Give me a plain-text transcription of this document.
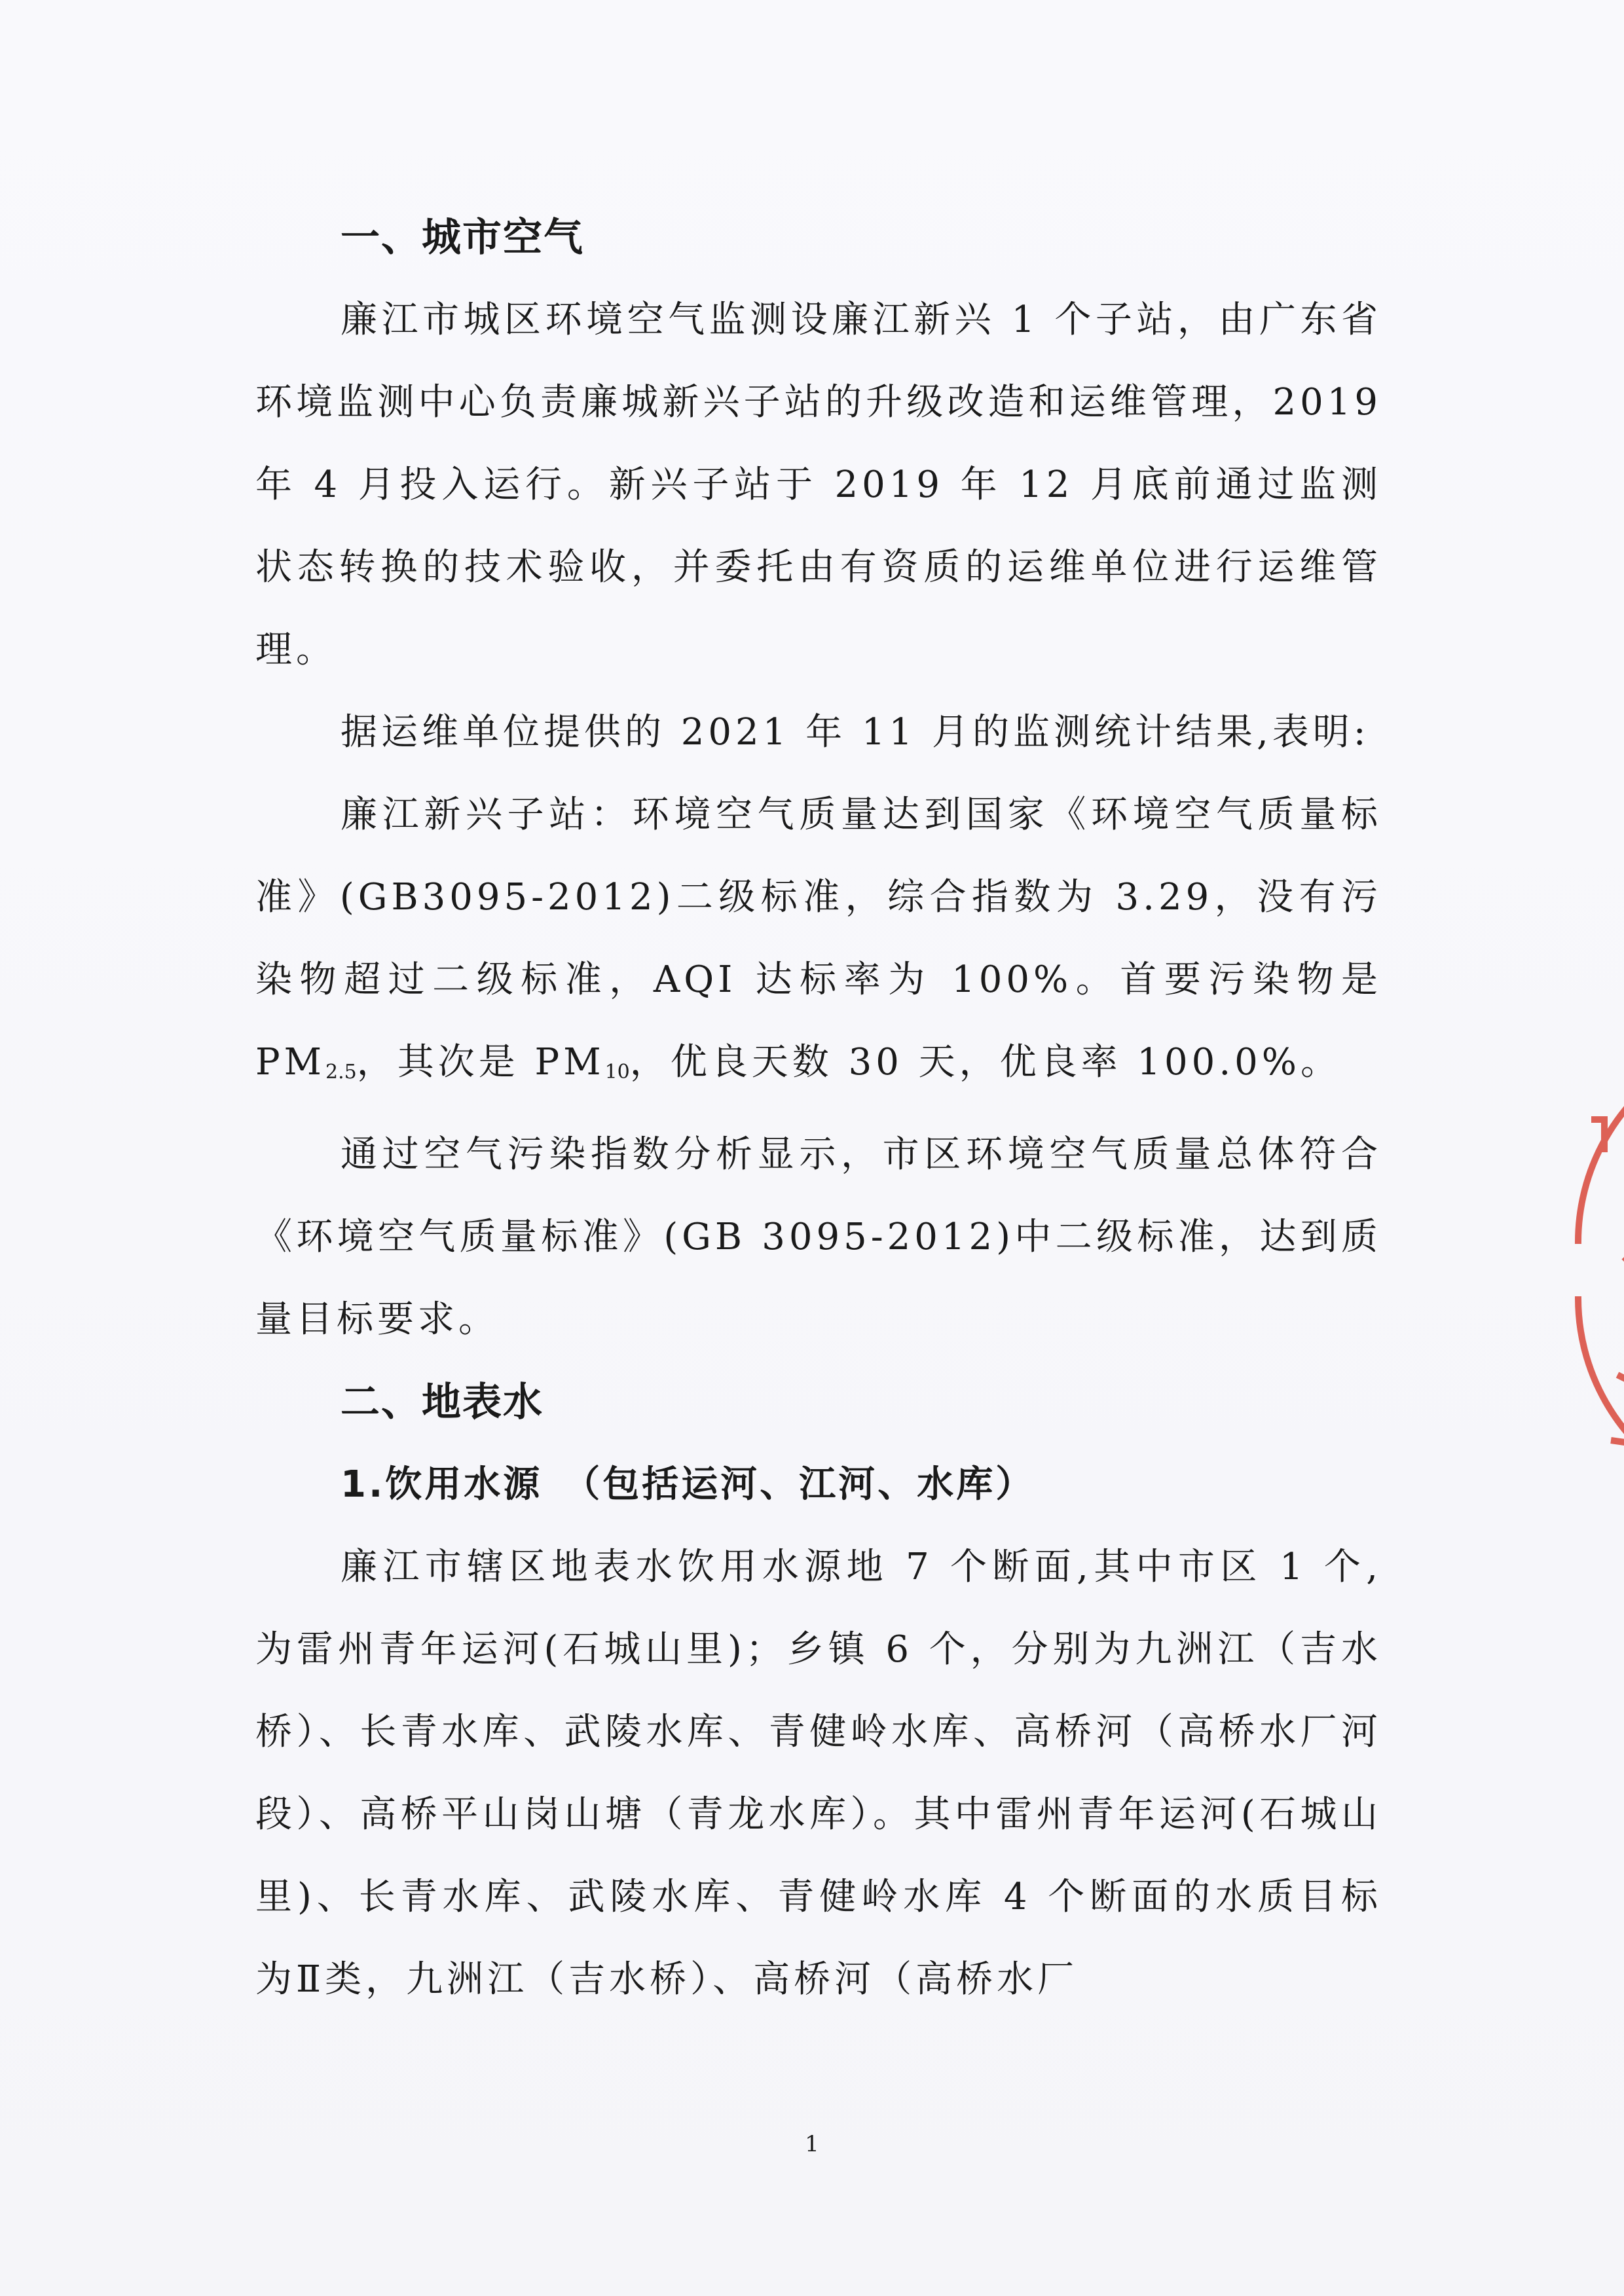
一、城市空气

廉江市城区环境空气监测设廉江新兴 1 个子站，由广东省环境监测中心负责廉城新兴子站的升级改造和运维管理，2019 年 4 月投入运行。新兴子站于 2019 年 12 月底前通过监测状态转换的技术验收，并委托由有资质的运维单位进行运维管理。

据运维单位提供的 2021 年 11 月的监测统计结果,表明:

廉江新兴子站：环境空气质量达到国家《环境空气质量标准》(GB3095-2012)二级标准，综合指数为 3.29，没有污染物超过二级标准，AQI 达标率为 100%。首要污染物是 $PM_{2.5}$，其次是 $PM_{10}$，优良天数 30 天，优良率 100.0%。

通过空气污染指数分析显示，市区环境空气质量总体符合《环境空气质量标准》(GB 3095-2012)中二级标准，达到质量目标要求。

二、地表水

1.饮用水源　（包括运河、江河、水库）

廉江市辖区地表水饮用水源地 7 个断面,其中市区 1 个,为雷州青年运河(石城山里)；乡镇 6 个，分别为九洲江（吉水桥）、长青水库、武陵水库、青健岭水库、高桥河（高桥水厂河段）、高桥平山岗山塘（青龙水库）。其中雷州青年运河(石城山里)、长青水库、武陵水库、青健岭水库 4 个断面的水质目标为Ⅱ类，九洲江（吉水桥）、高桥河（高桥水厂

1
